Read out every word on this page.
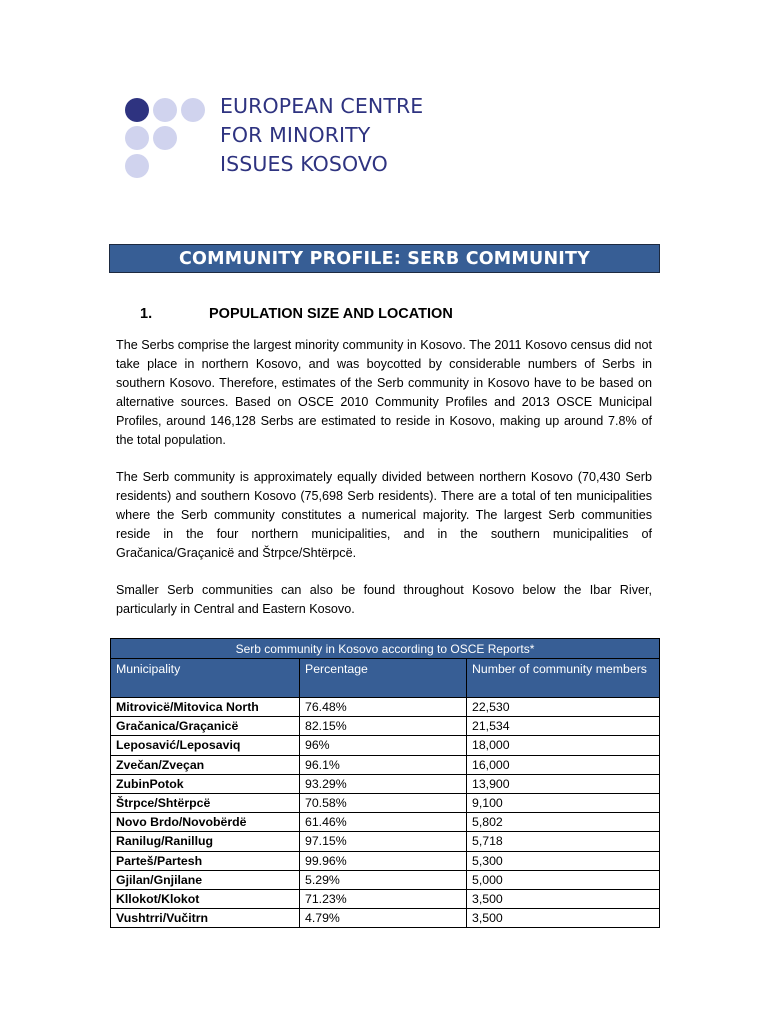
EUROPEAN CENTRE
FOR MINORITY
ISSUES KOSOVO
COMMUNITY PROFILE: SERB COMMUNITY
1.	POPULATION SIZE AND LOCATION

The Serbs comprise the largest minority community in Kosovo. The 2011 Kosovo census did not take place in northern Kosovo, and was boycotted by considerable numbers of Serbs in southern Kosovo. Therefore, estimates of the Serb community in Kosovo have to be based on alternative sources. Based on OSCE 2010 Community Profiles and 2013 OSCE Municipal Profiles, around 146,128 Serbs are estimated to reside in Kosovo, making up around 7.8% of the total population.

The Serb community is approximately equally divided between northern Kosovo (70,430 Serb residents) and southern Kosovo (75,698 Serb residents). There are a total of ten municipalities where the Serb community constitutes a numerical majority. The largest Serb communities reside in the four northern municipalities, and in the southern municipalities of Gračanica/Graçanicë and Štrpce/Shtërpcë.

Smaller Serb communities can also be found throughout Kosovo below the Ibar River, particularly in Central and Eastern Kosovo.

Serb community in Kosovo according to OSCE Reports*		
Municipality	Percentage	Number of community members
Mitrovicë/Mitovica North	76.48%	22,530
Gračanica/Graçanicë	82.15%	21,534
Leposavić/Leposaviq	96%	18,000
Zvečan/Zveçan	96.1%	16,000
ZubinPotok	93.29%	13,900
Štrpce/Shtërpcë	70.58%	9,100
Novo Brdo/Novobërdë	61.46%	5,802
Ranilug/Ranillug	97.15%	5,718
Parteš/Partesh	99.96%	5,300
Gjilan/Gnjilane	5.29%	5,000
Kllokot/Klokot	71.23%	3,500
Vushtrri/Vučitrn	4.79%	3,500
